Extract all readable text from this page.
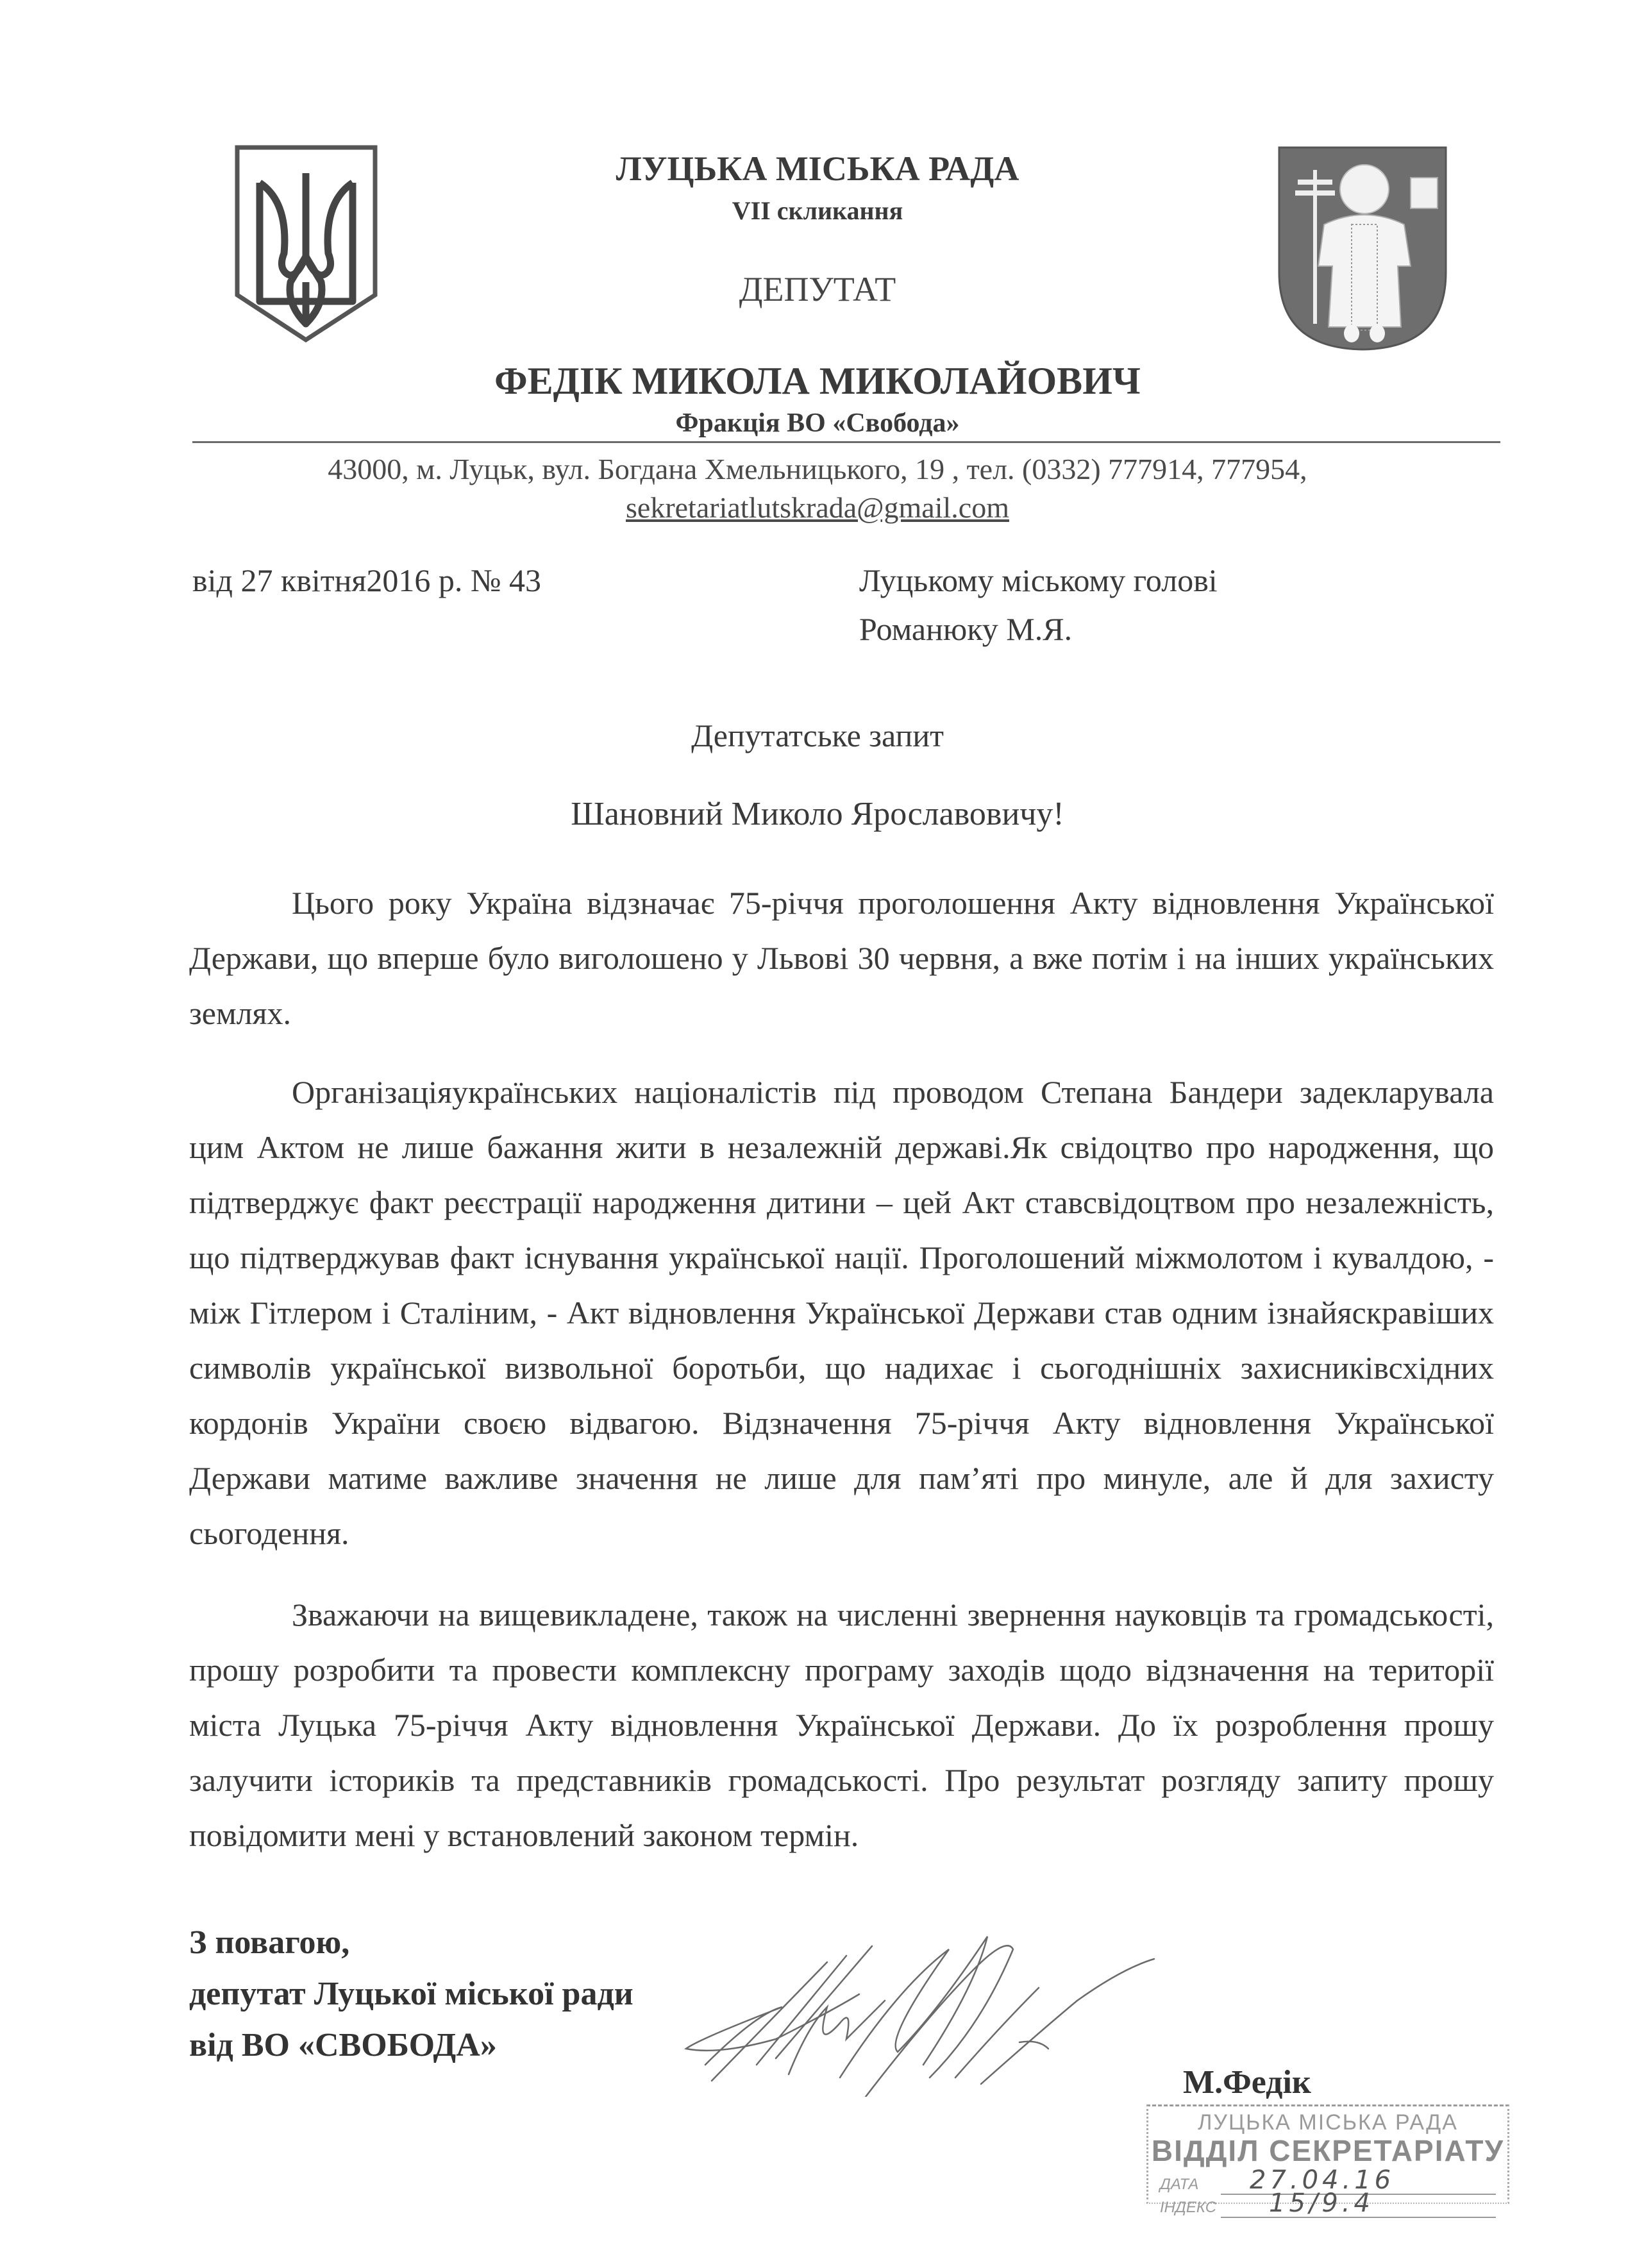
ЛУЦЬКА МІСЬКА РАДА
VII скликання
ДЕПУТАТ
ФЕДІК МИКОЛА МИКОЛАЙОВИЧ
Фракція ВО «Свобода»
43000, м. Луцьк, вул. Богдана Хмельницького, 19 , тел. (0332) 777914, 777954,
sekretariatlutskrada@gmail.com
від 27 квітня2016 р. № 43	Луцькому міському голові
Романюку М.Я.
Депутатське запит
Шановний Миколо Ярославовичу!

Цього року Україна відзначає 75-річчя проголошення Акту відновлення Української Держави, що вперше було виголошено у Львові 30 червня, а вже потім і на інших українських землях.

Організаціяукраїнських націоналістів під проводом Степана Бандери задекларувала цим Актом не лише бажання жити в незалежній державі.Як свідоцтво про народження, що підтверджує факт реєстрації народження дитини – цей Акт ставсвідоцтвом про незалежність, що підтверджував факт існування української нації. Проголошений міжмолотом і кувалдою, - між Гітлером і Сталіним, - Акт відновлення Української Держави став одним ізнайяскравіших символів української визвольної боротьби, що надихає і сьогоднішніх захисниківсхідних кордонів України своєю відвагою. Відзначення 75-річчя Акту відновлення Української Держави матиме важливе значення не лише для пам’яті про минуле, але й для захисту сьогодення.

Зважаючи на вищевикладене, також на численні звернення науковців та громадськості, прошу розробити та провести комплексну програму заходів щодо відзначення на території міста Луцька 75-річчя Акту відновлення Української Держави. До їх розроблення прошу залучити істориків та представників громадськості. Про результат розгляду запиту прошу повідомити мені у встановлений законом термін.

З повагою,
депутат Луцької міської ради
від ВО «СВОБОДА»
М.Федік
ЛУЦЬКА МІСЬКА РАДА
ВІДДІЛ СЕКРЕТАРІАТУ
ДАТА 27.04.16
ІНДЕКС 15/9.4
